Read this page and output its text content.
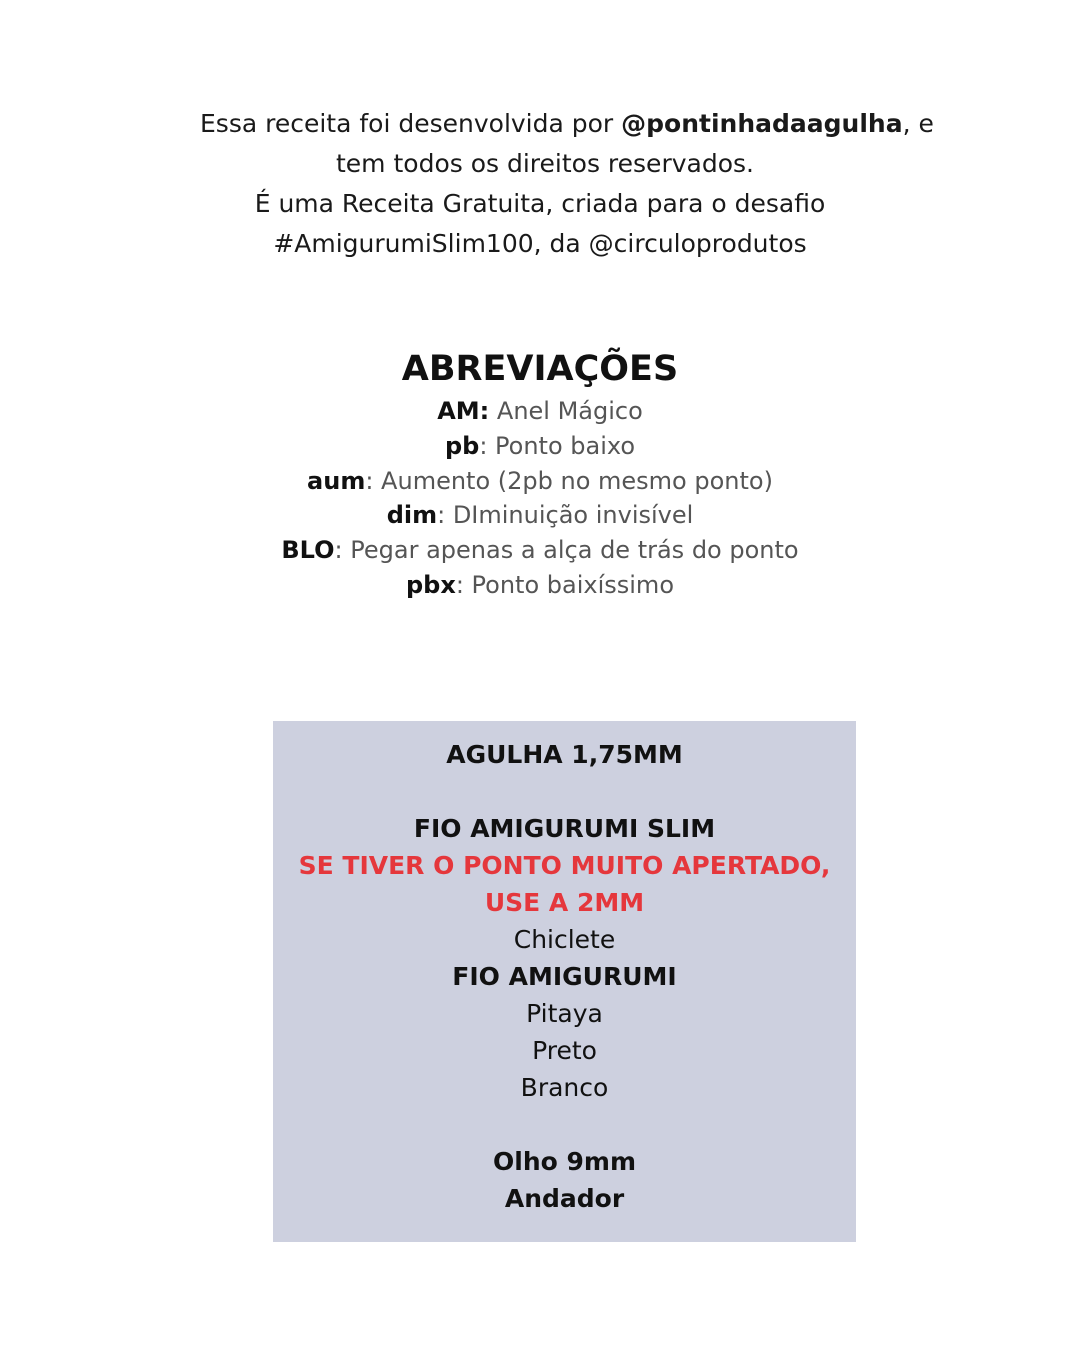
Essa receita foi desenvolvida por @pontinhadaagulha, e
tem todos os direitos reservados.
É uma Receita Gratuita, criada para o desafio
#AmigurumiSlim100, da @circuloprodutos
ABREVIAÇÕES
AM: Anel Mágico
pb: Ponto baixo
aum: Aumento (2pb no mesmo ponto)
dim: DIminuição invisível
BLO: Pegar apenas a alça de trás do ponto
pbx: Ponto baixíssimo
AGULHA 1,75MM
FIO AMIGURUMI SLIM
SE TIVER O PONTO MUITO APERTADO,
USE A 2MM
Chiclete
FIO AMIGURUMI
Pitaya
Preto
Branco
Olho 9mm
Andador
